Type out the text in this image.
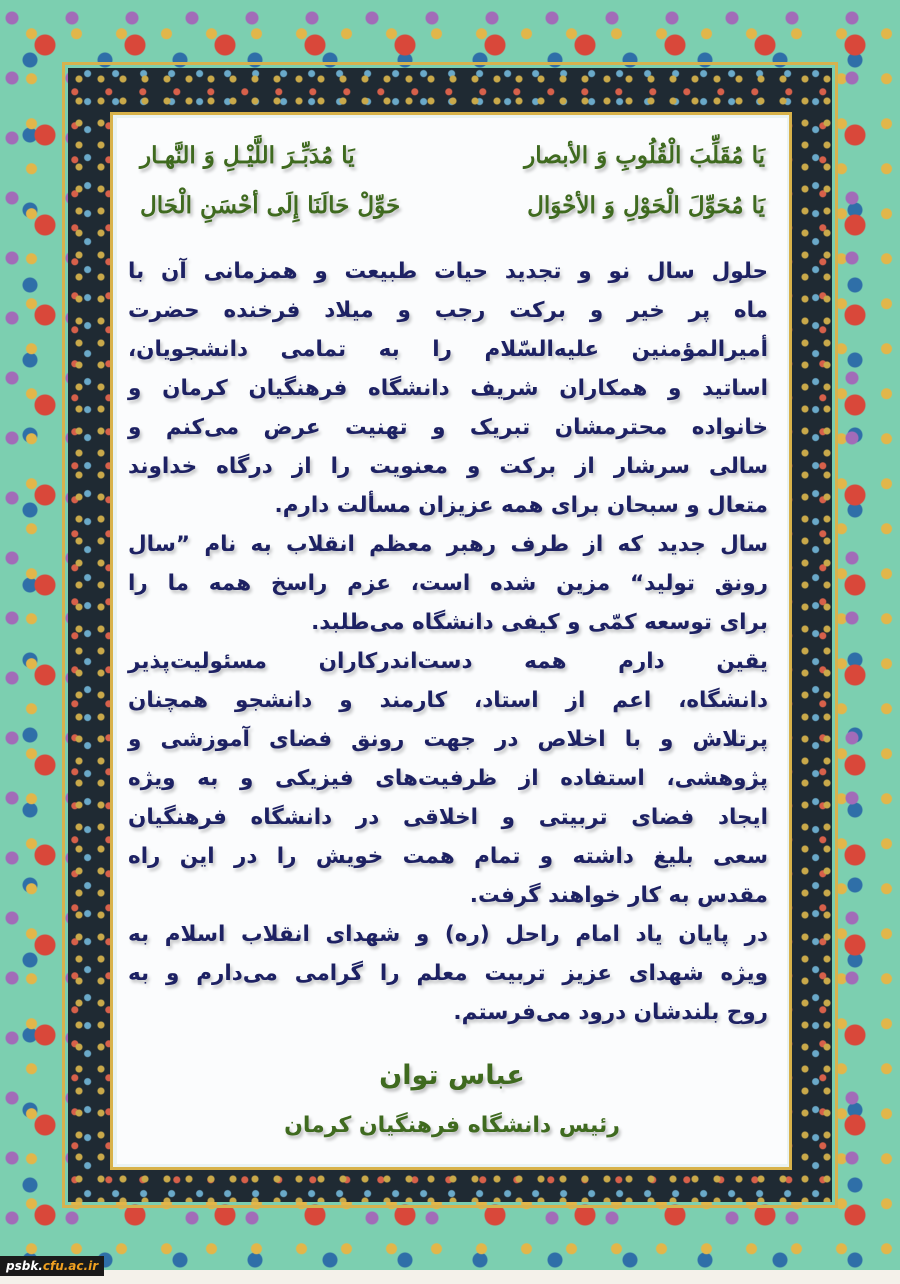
يَا مُقَلِّبَ الْقُلُوبِ وَ الأبصار
يَا مُدَبِّـرَ اللَّيْـلِ وَ النَّهـار
يَا مُحَوِّلَ الْحَوْلِ وَ الأحْوَال
حَوِّلْ حَالَنَا إِلَى أحْسَنِ الْحَال
حلول سال نو و تجدید حیات طبیعت و همزمانی آن با
ماه پر خیر و برکت رجب و میلاد فرخنده حضرت
أمیرالمؤمنین علیه‌السّلام را به تمامی دانشجویان،
اساتید و همکاران شریف دانشگاه فرهنگیان کرمان و
خانواده محترمشان تبریک و تهنیت عرض می‌کنم و
سالی سرشار از برکت و معنویت را از درگاه خداوند
متعال و سبحان برای همه عزیزان مسألت دارم.
سال جدید که از طرف رهبر معظم انقلاب به نام ”سال
رونق تولید“ مزین شده است، عزم راسخ همه ما را
برای توسعه کمّی و کیفی دانشگاه می‌طلبد.
یقین دارم همه دست‌اندرکاران مسئولیت‌پذیر
دانشگاه، اعم از استاد، کارمند و دانشجو همچنان
پرتلاش و با اخلاص در جهت رونق فضای آموزشی و
پژوهشی، استفاده از ظرفیت‌های فیزیکی و به ویژه
ایجاد فضای تربیتی و اخلاقی در دانشگاه فرهنگیان
سعی بلیغ داشته و تمام همت خویش را در این راه
مقدس به کار خواهند گرفت.
در پایان یاد امام راحل (ره) و شهدای انقلاب اسلام به
ویژه شهدای عزیز تربیت معلم را گرامی می‌دارم و به
روح بلندشان درود می‌فرستم.
عباس توان
رئیس دانشگاه فرهنگیان کرمان
psbk.cfu.ac.ir
